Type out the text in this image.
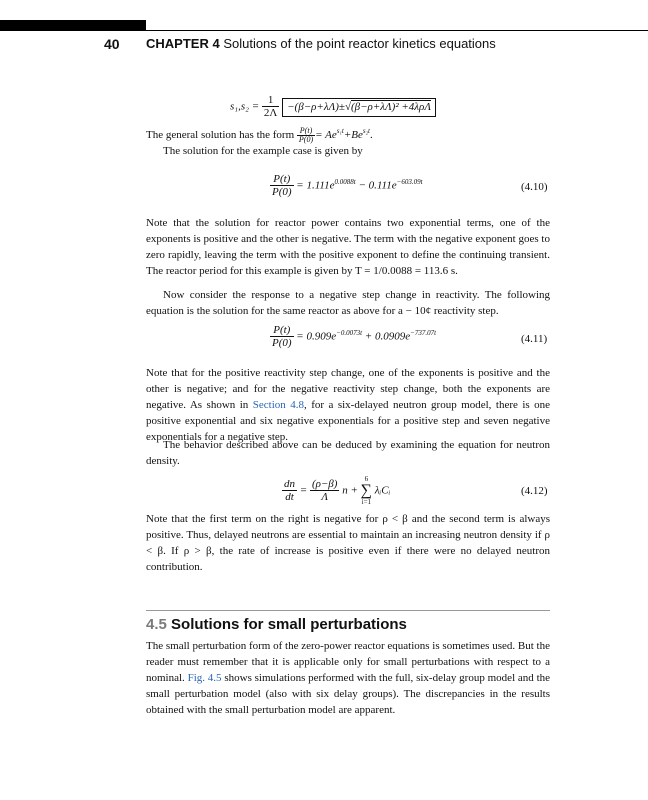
40 CHAPTER 4 Solutions of the point reactor kinetics equations
$s_1,s_2 = \frac{1}{2\Lambda} -(\beta-\rho+\lambda\Lambda)\pm√(\beta-\rho+\lambda\Lambda)^2 +4\lambda\rho\Lambda$
The general solution has the form $\frac{P(t)}{P(0)} = Ae^{s_1t}+Be^{s_2t}$.

The solution for the example case is given by

$\frac{P(t)}{P(0)} = 1.111e^{0.0088t} - 0.111e^{-603.09t}$	(4.10)

Note that the solution for reactor power contains two exponential terms, one of the exponents is positive and the other is negative. The term with the negative exponent goes to zero rapidly, leaving the term with the positive exponent to define the continuing transient. The reactor period for this example is given by T = 1/0.0088 = 113.6 s.

Now consider the response to a negative step change in reactivity. The following equation is the solution for the same reactor as above for a − 10¢ reactivity step.

$\frac{P(t)}{P(0)} = 0.909e^{-0.0073t} + 0.0909e^{-737.07t}$
(4.11)

Note that for the positive reactivity step change, one of the exponents is positive and the other is negative; and for the negative reactivity step change, both the exponents are negative. As shown in Section 4.8, for a six-delayed neutron group model, there is one positive exponential and six negative exponentials for a positive step and seven negative exponentials for a negative step.

The behavior described above can be deduced by examining the equation for neutron density.

$\frac{dn}{dt} = \frac{(\rho-\beta)}{\Lambda}$ n +
6
∑
i=1
λᵢCᵢ	(4.12)

Note that the first term on the right is negative for ρ < β and the second term is always positive. Thus, delayed neutrons are essential to maintain an increasing neutron density if ρ < β. If ρ > β, the rate of increase is positive even if there were no delayed neutron contribution.

4.5 Solutions for small perturbations

The small perturbation form of the zero-power reactor equations is sometimes used. But the reader must remember that it is applicable only for small perturbations with respect to a nominal. Fig. 4.5 shows simulations performed with the full, six-delay group model and the small perturbation model (also with six delay groups). The discrepancies in the results obtained with the small perturbation model are apparent.
